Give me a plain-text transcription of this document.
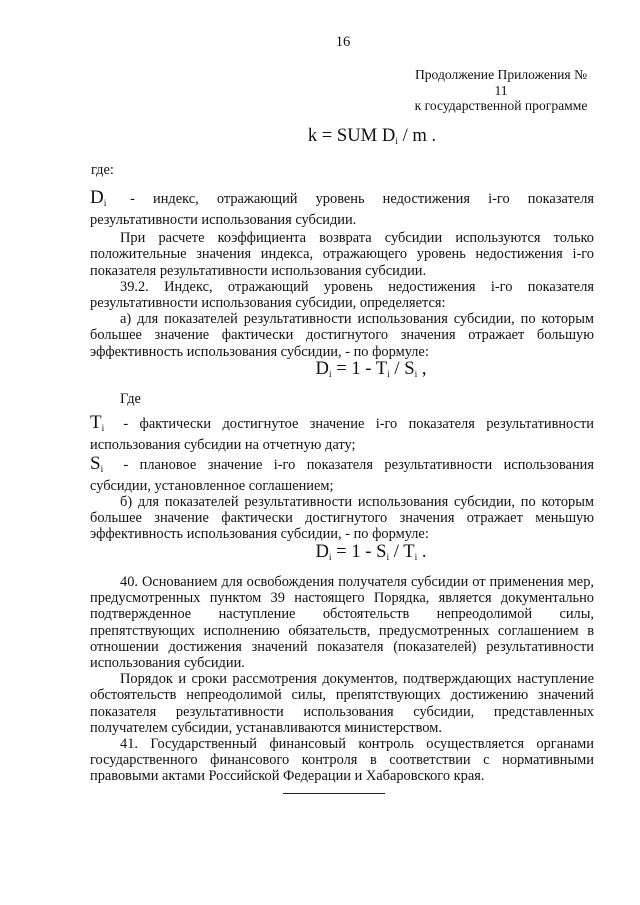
16
Продолжение Приложения № 11
к государственной программе
k = SUM $D_i$ / m .

где:

$D_i$ - индекс, отражающий уровень недостижения i-го показателя результативности использования субсидии.

При расчете коэффициента возврата субсидии используются только положительные значения индекса, отражающего уровень недостижения i-го показателя результативности использования субсидии.

39.2. Индекс, отражающий уровень недостижения i-го показателя результативности использования субсидии, определяется:

а) для показателей результативности использования субсидии, по которым большее значение фактически достигнутого значения отражает большую эффективность использования субсидии, - по формуле:

$D_i = 1 - T_i / S_i$ ,

Где

$T_i$ - фактически достигнутое значение i-го показателя результативности использования субсидии на отчетную дату;

$S_i$ - плановое значение i-го показателя результативности использования субсидии, установленное соглашением;

б) для показателей результативности использования субсидии, по которым большее значение фактически достигнутого значения отражает меньшую эффективность использования субсидии, - по формуле:

$D_i = 1 - S_i / T_i$ .

40. Основанием для освобождения получателя субсидии от применения мер, предусмотренных пунктом 39 настоящего Порядка, является документально подтвержденное наступление обстоятельств непреодолимой силы, препятствующих исполнению обязательств, предусмотренных соглашением в отношении достижения значений показателя (показателей) результативности использования субсидии.

Порядок и сроки рассмотрения документов, подтверждающих наступление обстоятельств непреодолимой силы, препятствующих достижению значений показателя результативности использования субсидии, представленных получателем субсидии, устанавливаются министерством.

41. Государственный финансовый контроль осуществляется органами государственного финансового контроля в соответствии с нормативными правовыми актами Российской Федерации и Хабаровского края.
